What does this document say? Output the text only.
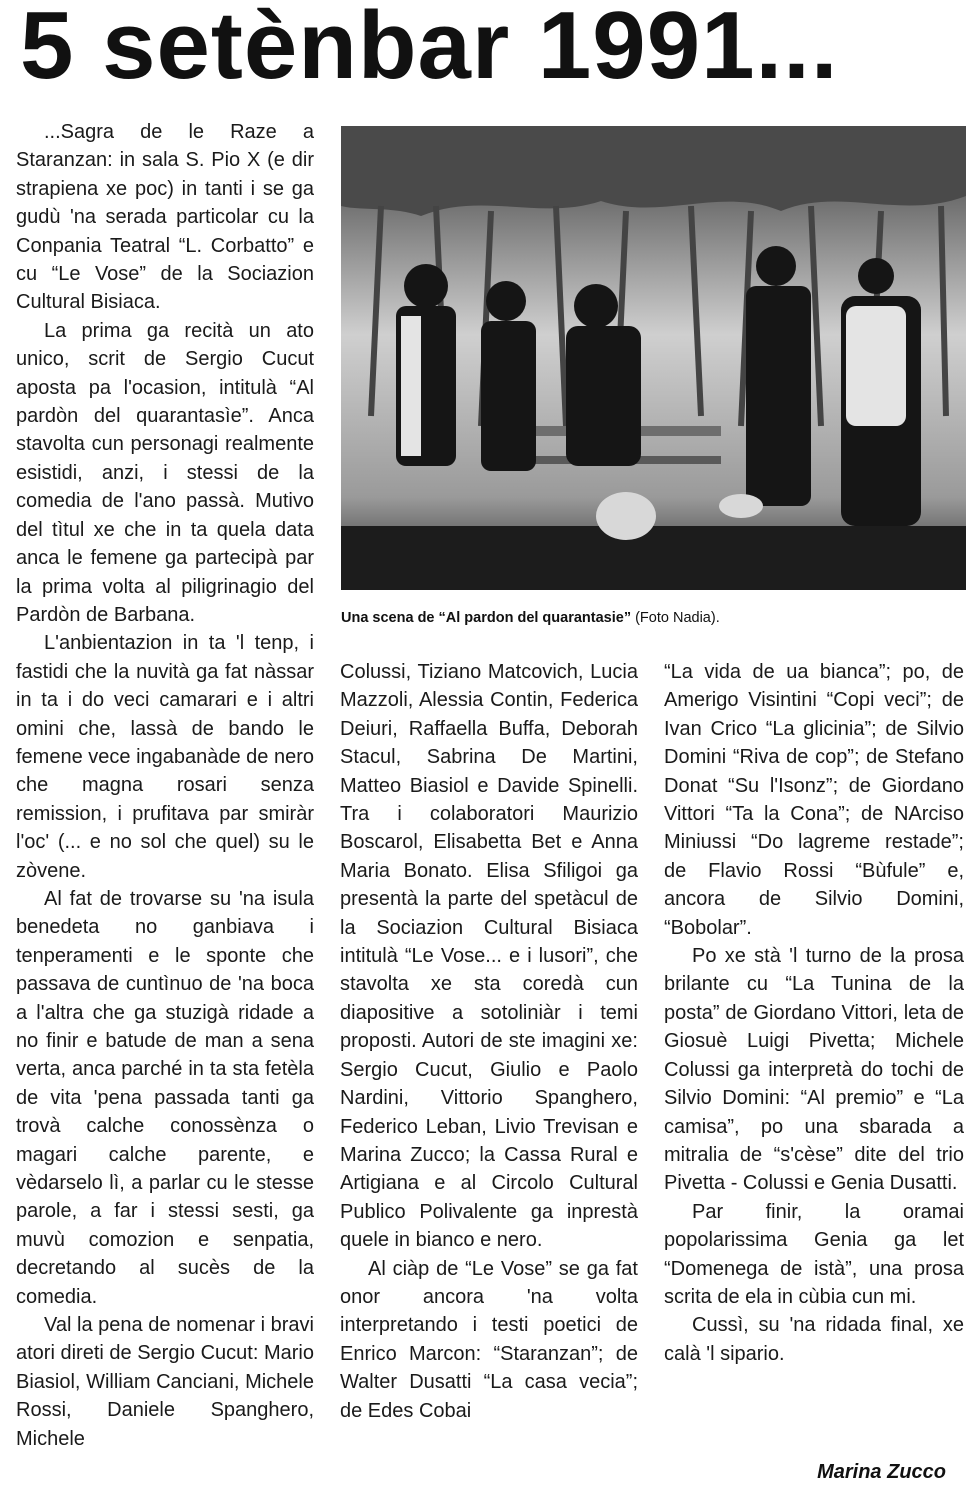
5 setènbar 1991...

...Sagra de le Raze a Staranzan: in sala S. Pio X (e dir strapiena xe poc) in tanti i se ga gudù 'na serada particolar cu la Conpania Teatral “L. Corbatto” e cu “Le Vose” de la Sociazion Cultural Bisiaca.

La prima ga recità un ato unico, scrit de Sergio Cucut aposta pa l'ocasion, intitulà “Al pardòn del quarantasìe”. Anca stavolta cun personagi realmente esistidi, anzi, i stessi de la comedia de l'ano passà. Mutivo del tìtul xe che in ta quela data anca le femene ga partecipà par la prima volta al piligrinagio del Pardòn de Barbana.

L'anbientazion in ta 'l tenp, i fastidi che la nuvità ga fat nàssar in ta i do veci camarari e i altri omini che, lassà de bando le femene vece ingabanàde de nero che magna rosari senza remission, i prufitava par smiràr l'oc' (... e no sol che quel) su le zòvene.

Al fat de trovarse su 'na isula benedeta no ganbiava i tenperamenti e le sponte che passava de cuntìnuo de 'na boca a l'altra che ga stuzigà ridade a no finir e batude de man a sena verta, anca parché in ta sta fetèla de vita 'pena passada tanti ga trovà calche conossènza o magari calche parente, e vèdarselo lì, a parlar cu le stesse parole, a far i stessi sesti, ga muvù comozion e senpatia, decretando al sucès de la comedia.

Val la pena de nomenar i bravi atori direti de Sergio Cucut: Mario Biasiol, William Canciani, Michele Rossi, Daniele Spanghero, Michele

Una scena de “Al pardon del quarantasie” (Foto Nadia).

Colussi, Tiziano Matcovich, Lucia Mazzoli, Alessia Contin, Federica Deiuri, Raffaella Buffa, Deborah Stacul, Sabrina De Martini, Matteo Biasiol e Davide Spinelli. Tra i colaboratori Maurizio Boscarol, Elisabetta Bet e Anna Maria Bonato. Elisa Sfiligoi ga presentà la parte del spetàcul de la Sociazion Cultural Bisiaca intitulà “Le Vose... e i lusori”, che stavolta xe sta coredà cun diapositive a sotoliniàr i temi proposti. Autori de ste imagini xe: Sergio Cucut, Giulio e Paolo Nardini, Vittorio Spanghero, Federico Leban, Livio Trevisan e Marina Zucco; la Cassa Rural e Artigiana e al Circolo Cultural Publico Polivalente ga inprestà quele in bianco e nero.

Al ciàp de “Le Vose” se ga fat onor ancora 'na volta interpretando i testi poetici de Enrico Marcon: “Staranzan”; de Walter Dusatti “La casa vecia”; de Edes Cobai

“La vida de ua bianca”; po, de Amerigo Visintini “Copi veci”; de Ivan Crico “La glicinia”; de Silvio Domini “Riva de cop”; de Stefano Donat “Su l'Isonz”; de Giordano Vittori “Ta la Cona”; de NArciso Miniussi “Do lagreme restade”; de Flavio Rossi “Bùfule” e, ancora de Silvio Domini, “Bobolar”.

Po xe stà 'l turno de la prosa brilante cu “La Tunina de la posta” de Giordano Vittori, leta de Giosuè Luigi Pivetta; Michele Colussi ga interpretà do tochi de Silvio Domini: “Al premio” e “La camisa”, po una sbarada a mitralia de “s'cèse” dite del trio Pivetta - Colussi e Genia Dusatti.

Par finir, la oramai popolarissima Genia ga let “Domenega de istà”, una prosa scrita de ela in cùbia cun mi.

Cussì, su 'na ridada final, xe calà 'l sipario.

Marina Zucco
